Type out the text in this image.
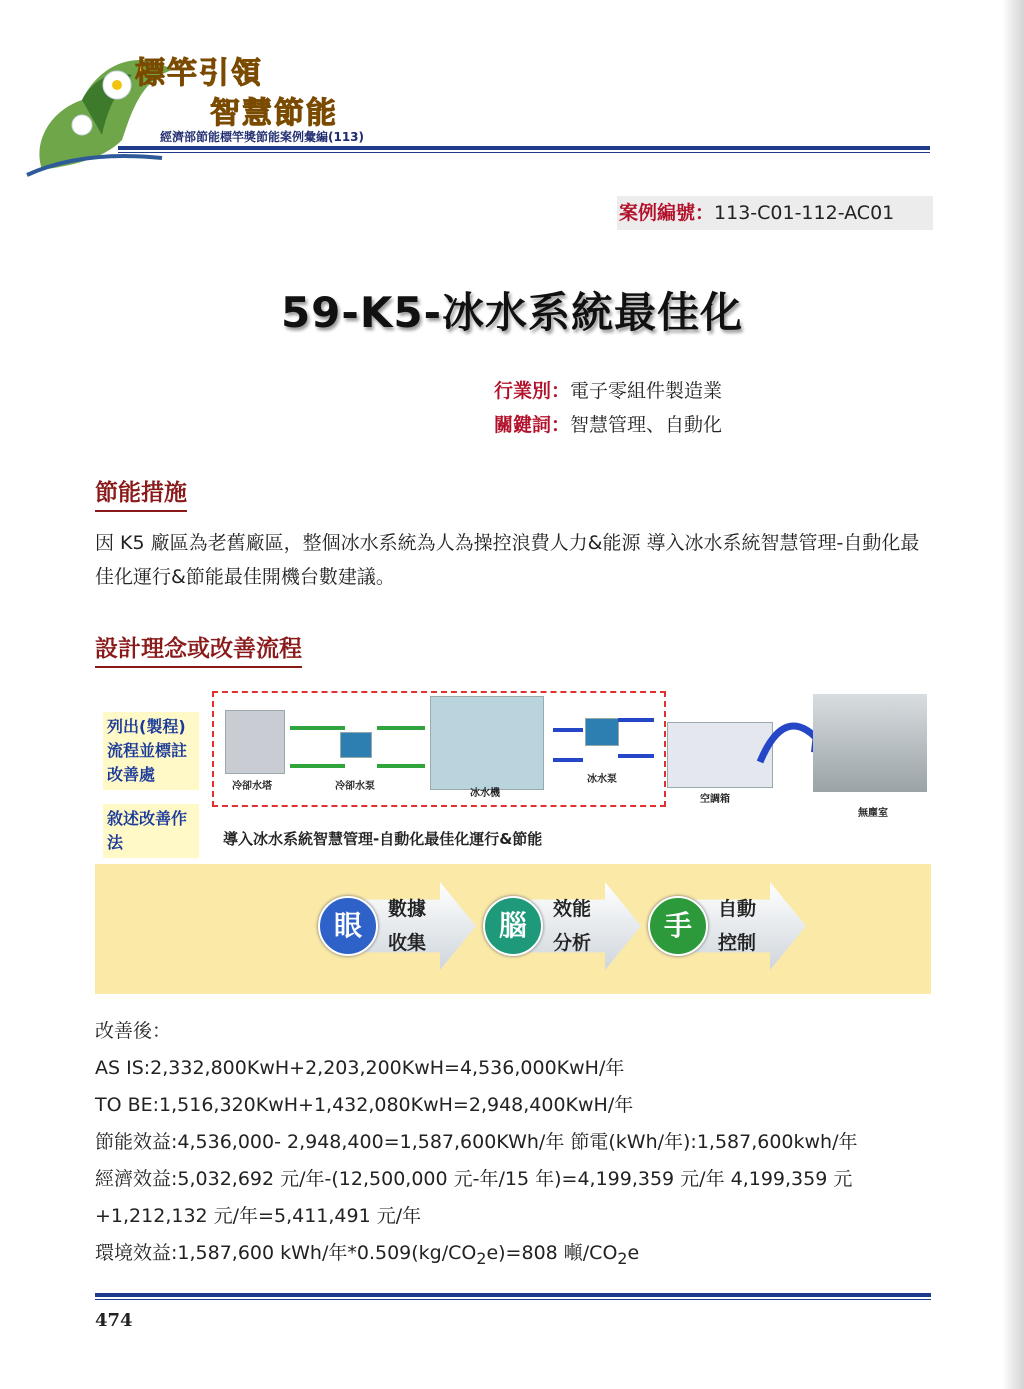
標竿引領
智慧節能
經濟部節能標竿獎節能案例彙編(113)
案例編號：113-C01-112-AC01
59-K5-冰水系統最佳化
行業別：電子零組件製造業
關鍵詞：智慧管理、自動化
節能措施
因 K5 廠區為老舊廠區，整個冰水系統為人為操控浪費人力&能源 導入冰水系統智慧管理-自動化最佳化運行&節能最佳開機台數建議。
設計理念或改善流程
列出(製程)流程並標註改善處
敘述改善作法
冷卻水塔	冷卻水泵
冰水機
冰水泵
空調箱
無塵室
導入冰水系統智慧管理-自動化最佳化運行&節能
眼	數據
收集
腦	效能
分析
手	自動
控制
改善後：
AS IS:2,332,800KwH+2,203,200KwH=4,536,000KwH/年
TO BE:1,516,320KwH+1,432,080KwH=2,948,400KwH/年
節能效益:4,536,000- 2,948,400=1,587,600KWh/年 節電(kWh/年):1,587,600kwh/年
經濟效益:5,032,692 元/年-(12,500,000 元-年/15 年)=4,199,359 元/年 4,199,359 元
+1,212,132 元/年=5,411,491 元/年
環境效益:1,587,600 kWh/年$*0.509(kg/CO_2e)=808$ 噸$/CO_2e$
474
